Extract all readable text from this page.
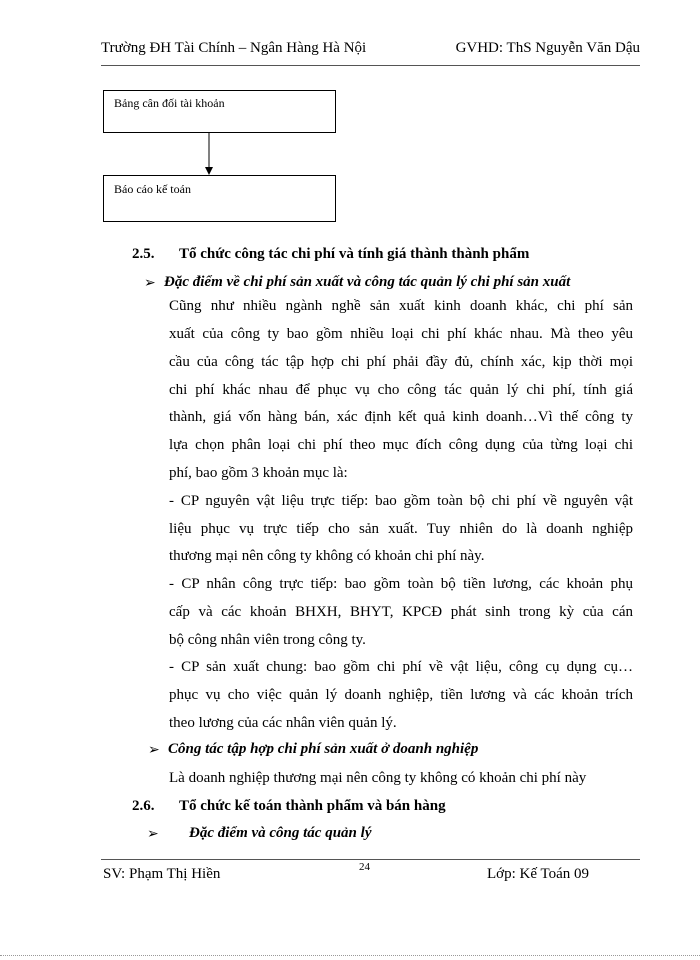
Trường ĐH Tài Chính – Ngân Hàng Hà Nội	GVHD: ThS Nguyễn Văn Dậu
Bảng cân đối tài khoản
Báo cáo kế toán
2.5. Tổ chức công tác chi phí và tính giá thành thành phẩm
➢ Đặc điểm về chi phí sản xuất và công tác quản lý chi phí sản xuất
Cũng như nhiều ngành nghề sản xuất kinh doanh khác, chi phí sản
xuất của công ty bao gồm nhiều loại chi phí khác nhau. Mà theo yêu
cầu của công tác tập hợp chi phí phải đầy đủ, chính xác, kịp thời mọi
chi phí khác nhau để phục vụ cho công tác quản lý chi phí, tính giá
thành, giá vốn hàng bán, xác định kết quả kinh doanh…Vì thế công ty
lựa chọn phân loại chi phí theo mục đích công dụng của từng loại chi
phí, bao gồm 3 khoản mục là:
- CP nguyên vật liệu trực tiếp: bao gồm toàn bộ chi phí về nguyên vật
liệu phục vụ trực tiếp cho sản xuất. Tuy nhiên do là doanh nghiệp
thương mại nên công ty không có khoản chi phí này.
- CP nhân công trực tiếp: bao gồm toàn bộ tiền lương, các khoản phụ
cấp và các khoản BHXH, BHYT, KPCĐ phát sinh trong kỳ của cán
bộ công nhân viên trong công ty.
- CP sản xuất chung: bao gồm chi phí về vật liệu, công cụ dụng cụ…
phục vụ cho việc quản lý doanh nghiệp, tiền lương và các khoản trích
theo lương của các nhân viên quản lý.
➢ Công tác tập hợp chi phí sản xuất ở doanh nghiệp
Là doanh nghiệp thương mại nên công ty không có khoản chi phí này
2.6. Tổ chức kế toán thành phẩm và bán hàng
➢ Đặc điểm và công tác quản lý
24
SV: Phạm Thị Hiền	Lớp: Kế Toán 09
